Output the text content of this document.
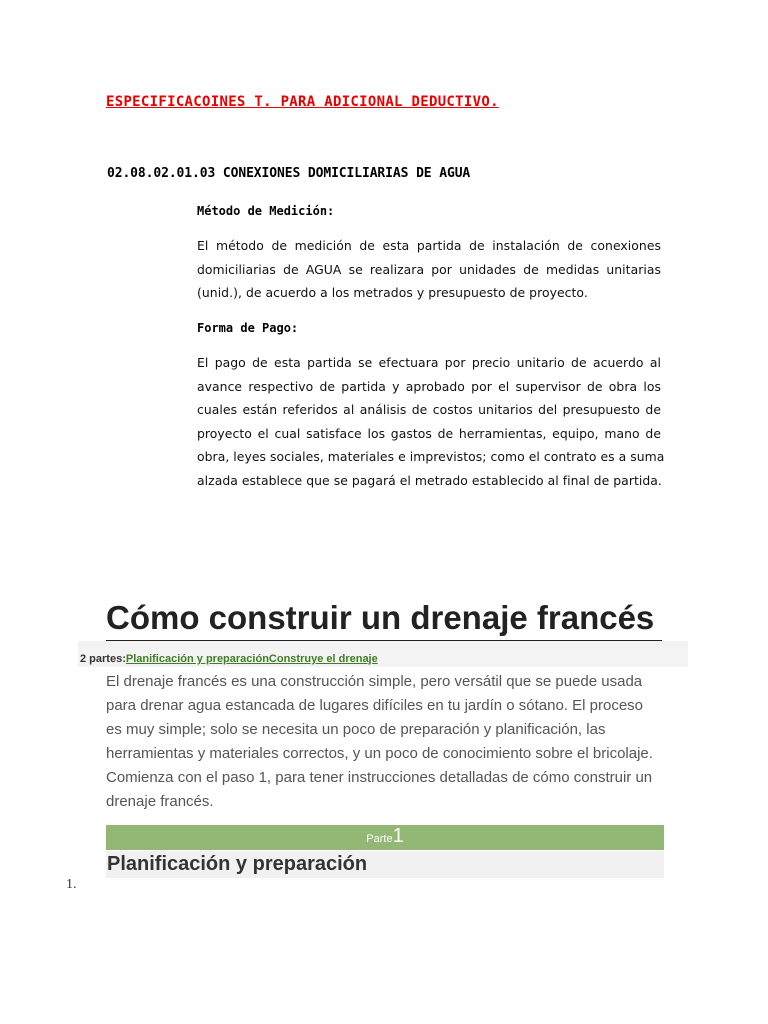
ESPECIFICACOINES T. PARA ADICIONAL DEDUCTIVO.
02.08.02.01.03 CONEXIONES DOMICILIARIAS DE AGUA
Método de Medición:
El método de medición de esta partida de instalación de conexiones
domiciliarias de AGUA se realizara por unidades de medidas unitarias
(unid.), de acuerdo a los metrados y presupuesto de proyecto.
Forma de Pago:
El pago de esta partida se efectuara por precio unitario de acuerdo al
avance respectivo de partida y aprobado por el supervisor de obra los
cuales están referidos al análisis de costos unitarios del presupuesto de
proyecto el cual satisface los gastos de herramientas, equipo, mano de
obra, leyes sociales, materiales e imprevistos; como el contrato es a suma
alzada establece que se pagará el metrado establecido al final de partida.
Cómo construir un drenaje francés
2 partes:Planificación y preparaciónConstruye el drenaje
El drenaje francés es una construcción simple, pero versátil que se puede usada
para drenar agua estancada de lugares difíciles en tu jardín o sótano. El proceso
es muy simple; solo se necesita un poco de preparación y planificación, las
herramientas y materiales correctos, y un poco de conocimiento sobre el bricolaje.
Comienza con el paso 1, para tener instrucciones detalladas de cómo construir un
drenaje francés.
Parte1
Planificación y preparación
1.
